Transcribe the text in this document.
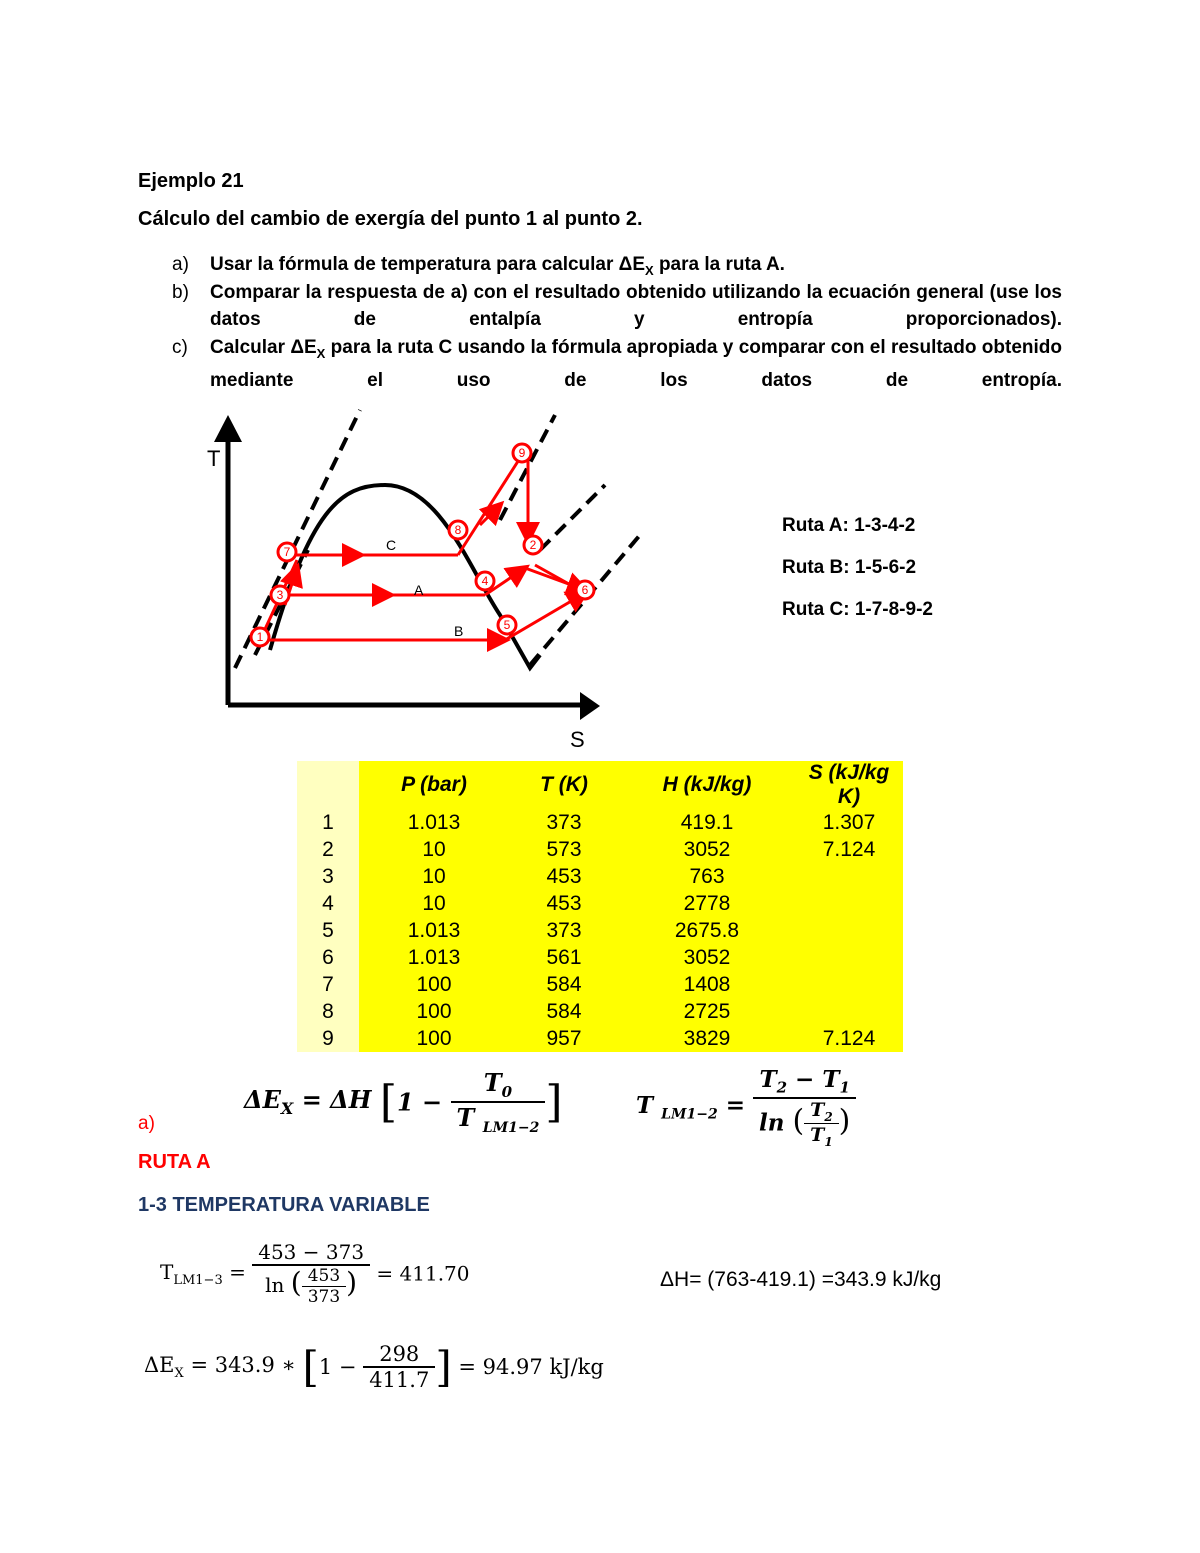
Ejemplo 21
Cálculo del cambio de exergía del punto 1 al punto 2.
a) Usar la fórmula de temperatura para calcular $\Delta E_X$ para la ruta A.
b) Comparar la respuesta de a) con el resultado obtenido utilizando la ecuación general (use los datos de entalpía y entropía proporcionados).
c) Calcular $\Delta E_X$ para la ruta C usando la fórmula apropiada y comparar con el resultado obtenido mediante el uso de los datos de entropía.
T
S
C
A
B
1
2
3
4
5
6
7
8
9
Ruta A: 1-3-4-2
Ruta B: 1-5-6-2
Ruta C: 1-7-8-9-2
	P (bar)	T (K)	H (kJ/kg)	S (kJ/kg K)
1	1.013	373	419.1	1.307
2	10	573	3052	7.124
3	10	453	763	
4	10	453	2778	
5	1.013	373	2675.8	
6	1.013	561	3052	
7	100	584	1408	
8	100	584	2725	
9	100	957	3829	7.124
$\Delta E_X = \Delta H$ [$1 - \frac{T_0}{T _{LM1-2}}$ ]	T $_{LM1-2} = \frac{T_2 - T_1}{\ln ( \frac{T_2}{T_1} )}$
a)
RUTA A
1-3 TEMPERATURA VARIABLE
$T_{LM1-3} = \frac{453 - 373}{\ln ( \frac{453}{373} )} = 411.70$	ΔH= (763-419.1) =343.9 kJ/kg
$\Delta E_X = 343.9$ ∗ [$1 - \frac{298}{411.7}$ ] = 94.97 kJ/kg
